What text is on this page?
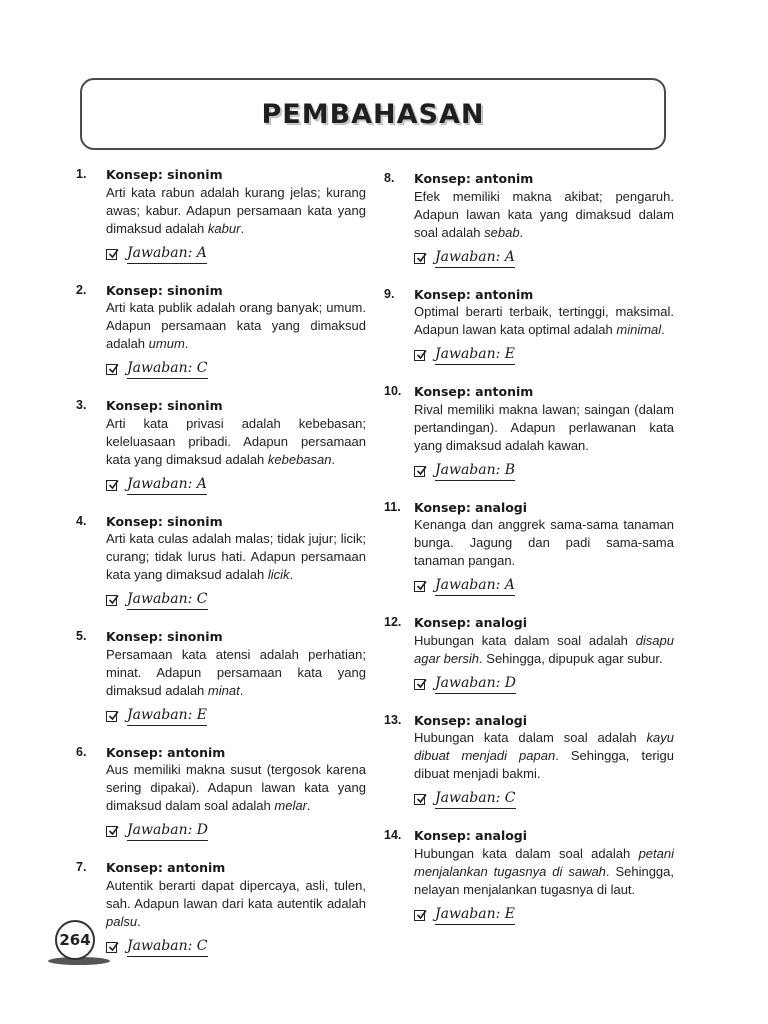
PEMBAHASAN
1.	Konsep: sinonim

Arti kata rabun adalah kurang jelas; kurang awas; kabur. Adapun persamaan kata yang dimaksud adalah kabur.

Jawaban: A
2.	Konsep: sinonim

Arti kata publik adalah orang banyak; umum. Adapun persamaan kata yang dimaksud adalah umum.

Jawaban: C
3.	Konsep: sinonim

Arti kata privasi adalah kebebasan; keleluasaan pribadi. Adapun persamaan kata yang dimaksud adalah kebebasan.

Jawaban: A
4.	Konsep: sinonim

Arti kata culas adalah malas; tidak jujur; licik; curang; tidak lurus hati. Adapun persamaan kata yang dimaksud adalah licik.

Jawaban: C
5.	Konsep: sinonim

Persamaan kata atensi adalah perhatian; minat. Adapun persamaan kata yang dimaksud adalah minat.

Jawaban: E
6.	Konsep: antonim

Aus memiliki makna susut (tergosok karena sering dipakai). Adapun lawan kata yang dimaksud dalam soal adalah melar.

Jawaban: D
7.	Konsep: antonim

Autentik berarti dapat dipercaya, asli, tulen, sah. Adapun lawan dari kata autentik adalah palsu.

Jawaban: C
8.	Konsep: antonim

Efek memiliki makna akibat; pengaruh. Adapun lawan kata yang dimaksud dalam soal adalah sebab.

Jawaban: A
9.	Konsep: antonim

Optimal berarti terbaik, tertinggi, maksimal. Adapun lawan kata optimal adalah minimal.

Jawaban: E
10.	Konsep: antonim

Rival memiliki makna lawan; saingan (dalam pertandingan). Adapun perlawanan kata yang dimaksud adalah kawan.

Jawaban: B
11.	Konsep: analogi

Kenanga dan anggrek sama-sama tanaman bunga. Jagung dan padi sama-sama tanaman pangan.

Jawaban: A
12.	Konsep: analogi

Hubungan kata dalam soal adalah disapu agar bersih. Sehingga, dipupuk agar subur.

Jawaban: D
13.	Konsep: analogi

Hubungan kata dalam soal adalah kayu dibuat menjadi papan. Sehingga, terigu dibuat menjadi bakmi.

Jawaban: C
14.	Konsep: analogi

Hubungan kata dalam soal adalah petani menjalankan tugasnya di sawah. Sehingga, nelayan menjalankan tugasnya di laut.

Jawaban: E
264
